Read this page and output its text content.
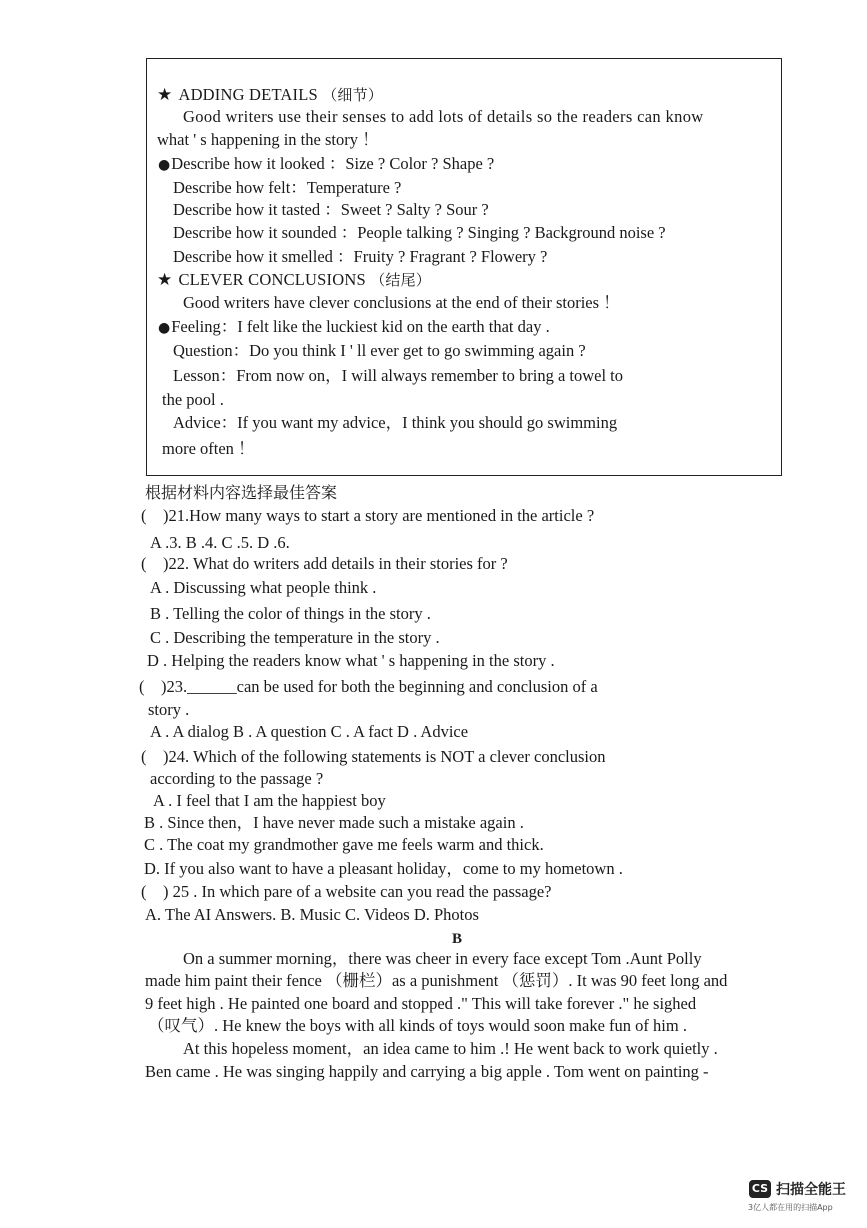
★ ADDING DETAILS （细节）
Good writers use their senses to add lots of details so the readers can know
what ' s happening in the story ！
●Describe how it looked ：Size ? Color ? Shape ?
Describe how felt：Temperature ?
Describe how it tasted ：Sweet ? Salty ? Sour ?
Describe how it sounded ：People talking ? Singing ? Background noise ?
Describe how it smelled ：Fruity ? Fragrant ? Flowery ?
★ CLEVER CONCLUSIONS （结尾）
Good writers have clever conclusions at the end of their stories ！
●Feeling：I felt like the luckiest kid on the earth that day .
Question：Do you think I ' ll ever get to go swimming again ?
Lesson：From now on，I will always remember to bring a towel to
the pool .
Advice：If you want my advice，I think you should go swimming
more often ！
根据材料内容选择最佳答案
(　)21.How many ways to start a story are mentioned in the article ?
A .3. B .4. C .5. D .6.
(　)22. What do writers add details in their stories for ?
A . Discussing what people think .
B . Telling the color of things in the story .
C . Describing the temperature in the story .
D . Helping the readers know what ' s happening in the story .
(　)23.______can be used for both the beginning and conclusion of a
story .
A . A dialog B . A question C . A fact D . Advice
(　)24. Which of the following statements is NOT a clever conclusion
according to the passage ?
A . I feel that I am the happiest boy
B . Since then，I have never made such a mistake again .
C . The coat my grandmother gave me feels warm and thick.
D. If you also want to have a pleasant holiday，come to my hometown .
(　) 25 . In which pare of a website can you read the passage?
A. The AI Answers. B. Music C. Videos D. Photos
B
On a summer morning，there was cheer in every face except Tom .Aunt Polly
made him paint their fence （栅栏）as a punishment （惩罚）. It was 90 feet long and
9 feet high . He painted one board and stopped ." This will take forever ." he sighed
（叹气）. He knew the boys with all kinds of toys would soon make fun of him .
At this hopeless moment，an idea came to him .! He went back to work quietly .
Ben came . He was singing happily and carrying a big apple . Tom went on painting -
CS 扫描全能王
3亿人都在用的扫描App
